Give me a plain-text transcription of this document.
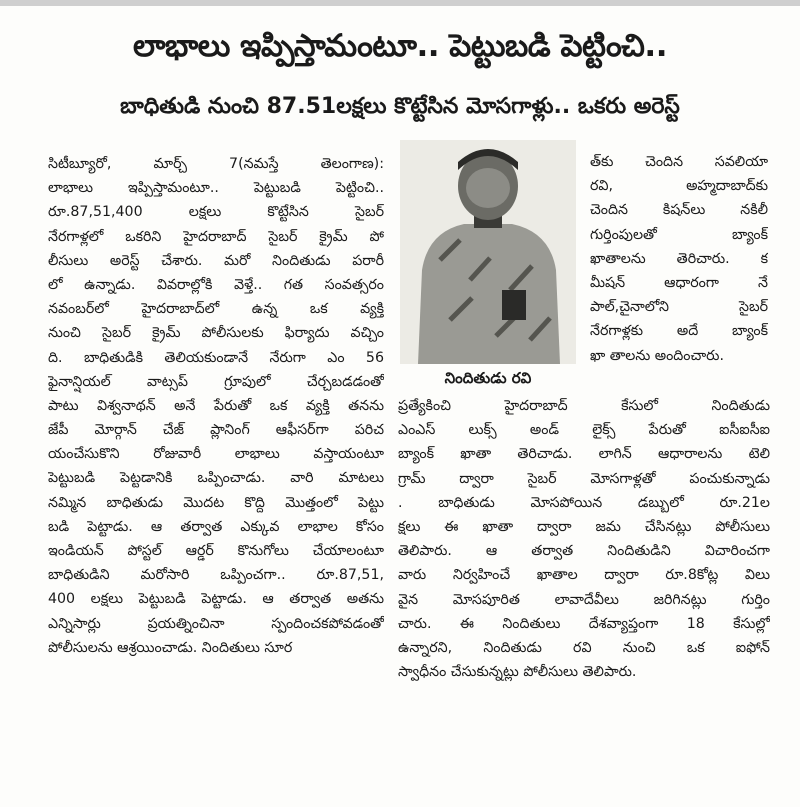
లాభాలు ఇప్పిస్తామంటూ.. పెట్టుబడి పెట్టించి..
బాధితుడి నుంచి 87.51లక్షలు కొట్టేసిన మోసగాళ్లు.. ఒకరు అరెస్ట్
సిటీబ్యూరో, మార్చ్ 7(నమస్తే తెలంగాణ):
లాభాలు ఇప్పిస్తామంటూ.. పెట్టుబడి పెట్టించి..
రూ.87,51,400 లక్షలు కొట్టేసిన సైబర్
నేరగాళ్లలో ఒకరిని హైదరాబాద్ సైబర్ క్రైమ్ పో
లీసులు అరెస్ట్ చేశారు. మరో నిందితుడు పరారీ
లో ఉన్నాడు. వివరాల్లోకి వెళ్తే.. గత సంవత్సరం
నవంబర్‌లో హైదరాబాద్‌లో ఉన్న ఒక వ్యక్తి
నుంచి సైబర్ క్రైమ్ పోలీసులకు ఫిర్యాదు వచ్చిం
ది. బాధితుడికి తెలియకుండానే నేరుగా ఎం 56
ఫైనాన్షియల్ వాట్సప్ గ్రూపులో చేర్చబడడంతో
పాటు విశ్వనాథన్ అనే పేరుతో ఒక వ్యక్తి తనను
జేపీ మోర్గాన్ చేజ్ ప్లానింగ్ ఆఫీసర్‌గా పరిచ
యంచేసుకొని రోజువారీ లాభాలు వస్తాయంటూ
పెట్టుబడి పెట్టడానికి ఒప్పించాడు. వారి మాటలు
నమ్మిన బాధితుడు మొదట కొద్ది మొత్తంలో పెట్టు
బడి పెట్టాడు. ఆ తర్వాత ఎక్కువ లాభాల కోసం
ఇండియన్ పోస్టల్ ఆర్డర్ కొనుగోలు చేయాలంటూ
బాధితుడిని మరోసారి ఒప్పించగా.. రూ.87,51,
400 లక్షలు పెట్టుబడి పెట్టాడు. ఆ తర్వాత అతను
ఎన్నిసార్లు ప్రయత్నించినా స్పందించకపోవడంతో
పోలీసులను ఆశ్రయించాడు. నిందితులు సూర
త్‌కు చెందిన సవలియా
రవి, అహ్మదాబాద్‌కు
చెందిన కిషన్‌లు నకిలీ
గుర్తింపులతో బ్యాంక్
ఖాతాలను తెరిచారు. క
మీషన్ ఆధారంగా నే
పాల్,చైనాలోని సైబర్
నేరగాళ్లకు అదే బ్యాంక్
ఖా తాలను అందించారు.
ప్రత్యేకించి హైదరాబాద్ కేసులో నిందితుడు
ఎంఎస్ లుక్స్ అండ్ లైక్స్ పేరుతో ఐసీఐసీఐ
బ్యాంక్ ఖాతా తెరిచాడు. లాగిన్ ఆధారాలను టెలి
గ్రామ్ ద్వారా సైబర్ మోసగాళ్లతో పంచుకున్నాడు
. బాధితుడు మోసపోయిన డబ్బులో రూ.21ల
క్షలు ఈ ఖాతా ద్వారా జమ చేసినట్లు పోలీసులు
తెలిపారు. ఆ తర్వాత నిందితుడిని విచారించగా
వారు నిర్వహించే ఖాతాల ద్వారా రూ.8కోట్ల విలు
వైన మోసపూరిత లావాదేవీలు జరిగినట్లు గుర్తిం
చారు. ఈ నిందితులు దేశవ్యాప్తంగా 18 కేసుల్లో
ఉన్నారని, నిందితుడు రవి నుంచి ఒక ఐఫోన్
స్వాధీనం చేసుకున్నట్లు పోలీసులు తెలిపారు.
నిందితుడు రవి
